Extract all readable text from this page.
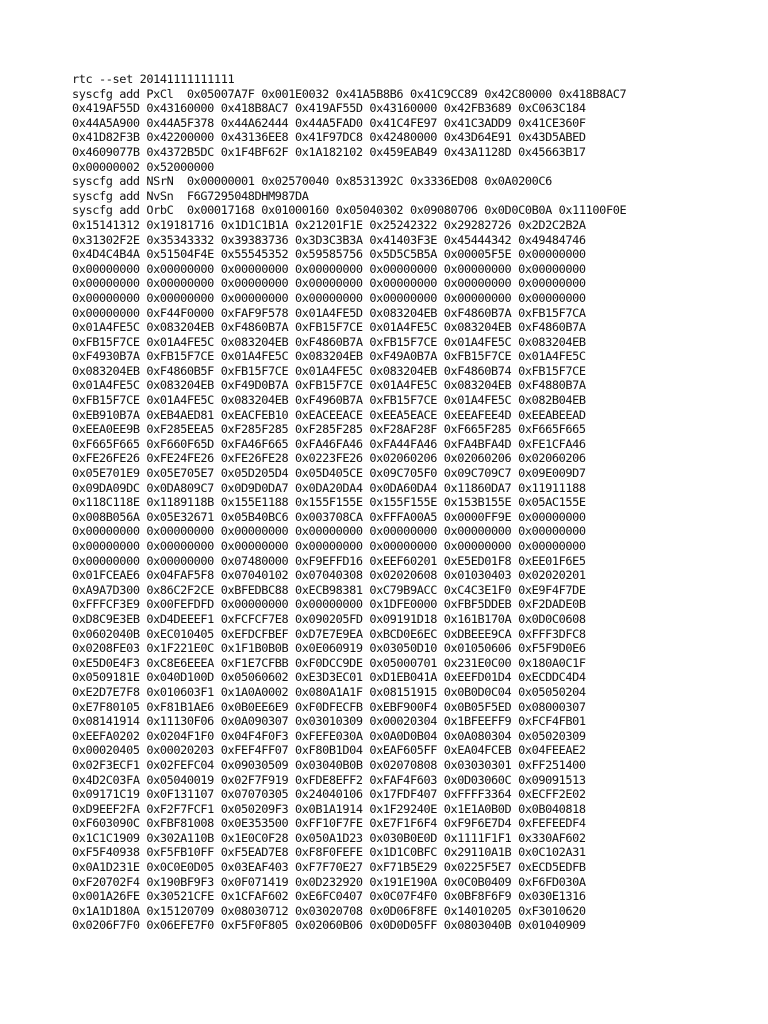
rtc --set 20141111111111
syscfg add PxCl  0x05007A7F 0x001E0032 0x41A5B8B6 0x41C9CC89 0x42C80000 0x418B8AC7
0x419AF55D 0x43160000 0x418B8AC7 0x419AF55D 0x43160000 0x42FB3689 0xC063C184
0x44A5A900 0x44A5F378 0x44A62444 0x44A5FAD0 0x41C4FE97 0x41C3ADD9 0x41CE360F
0x41D82F3B 0x42200000 0x43136EE8 0x41F97DC8 0x42480000 0x43D64E91 0x43D5ABED
0x4609077B 0x4372B5DC 0x1F4BF62F 0x1A182102 0x459EAB49 0x43A1128D 0x45663B17
0x00000002 0x52000000
syscfg add NSrN  0x00000001 0x02570040 0x8531392C 0x3336ED08 0x0A0200C6
syscfg add NvSn  F6G7295048DHM987DA
syscfg add OrbC  0x00017168 0x01000160 0x05040302 0x09080706 0x0D0C0B0A 0x11100F0E
0x15141312 0x19181716 0x1D1C1B1A 0x21201F1E 0x25242322 0x29282726 0x2D2C2B2A
0x31302F2E 0x35343332 0x39383736 0x3D3C3B3A 0x41403F3E 0x45444342 0x49484746
0x4D4C4B4A 0x51504F4E 0x55545352 0x59585756 0x5D5C5B5A 0x00005F5E 0x00000000
0x00000000 0x00000000 0x00000000 0x00000000 0x00000000 0x00000000 0x00000000
0x00000000 0x00000000 0x00000000 0x00000000 0x00000000 0x00000000 0x00000000
0x00000000 0x00000000 0x00000000 0x00000000 0x00000000 0x00000000 0x00000000
0x00000000 0xF44F0000 0xFAF9F578 0x01A4FE5D 0x083204EB 0xF4860B7A 0xFB15F7CA
0x01A4FE5C 0x083204EB 0xF4860B7A 0xFB15F7CE 0x01A4FE5C 0x083204EB 0xF4860B7A
0xFB15F7CE 0x01A4FE5C 0x083204EB 0xF4860B7A 0xFB15F7CE 0x01A4FE5C 0x083204EB
0xF4930B7A 0xFB15F7CE 0x01A4FE5C 0x083204EB 0xF49A0B7A 0xFB15F7CE 0x01A4FE5C
0x083204EB 0xF4860B5F 0xFB15F7CE 0x01A4FE5C 0x083204EB 0xF4860B74 0xFB15F7CE
0x01A4FE5C 0x083204EB 0xF49D0B7A 0xFB15F7CE 0x01A4FE5C 0x083204EB 0xF4880B7A
0xFB15F7CE 0x01A4FE5C 0x083204EB 0xF4960B7A 0xFB15F7CE 0x01A4FE5C 0x082B04EB
0xEB910B7A 0xEB4AED81 0xEACFEB10 0xEACEEACE 0xEEA5EACE 0xEEAFEE4D 0xEEABEEAD
0xEEA0EE9B 0xF285EEA5 0xF285F285 0xF285F285 0xF28AF28F 0xF665F285 0xF665F665
0xF665F665 0xF660F65D 0xFA46F665 0xFA46FA46 0xFA44FA46 0xFA4BFA4D 0xFE1CFA46
0xFE26FE26 0xFE24FE26 0xFE26FE28 0x0223FE26 0x02060206 0x02060206 0x02060206
0x05E701E9 0x05E705E7 0x05D205D4 0x05D405CE 0x09C705F0 0x09C709C7 0x09E009D7
0x09DA09DC 0x0DA809C7 0x0D9D0DA7 0x0DA20DA4 0x0DA60DA4 0x11860DA7 0x11911188
0x118C118E 0x1189118B 0x155E1188 0x155F155E 0x155F155E 0x153B155E 0x05AC155E
0x008B056A 0x05E32671 0x05B40BC6 0x003708CA 0xFFFA00A5 0x0000FF9E 0x00000000
0x00000000 0x00000000 0x00000000 0x00000000 0x00000000 0x00000000 0x00000000
0x00000000 0x00000000 0x00000000 0x00000000 0x00000000 0x00000000 0x00000000
0x00000000 0x00000000 0x07480000 0xF9EFFD16 0xEEF60201 0xE5ED01F8 0xEE01F6E5
0x01FCEAE6 0x04FAF5F8 0x07040102 0x07040308 0x02020608 0x01030403 0x02020201
0xA9A7D300 0x86C2F2CE 0xBFEDBC88 0xECB98381 0xC79B9ACC 0xC4C3E1F0 0xE9F4F7DE
0xFFFCF3E9 0x00FEFDFD 0x00000000 0x00000000 0x1DFE0000 0xFBF5DDEB 0xF2DADE0B
0xD8C9E3EB 0xD4DEEEF1 0xFCFCF7E8 0x090205FD 0x09191D18 0x161B170A 0x0D0C0608
0x0602040B 0xEC010405 0xEFDCFBEF 0xD7E7E9EA 0xBCD0E6EC 0xDBEEE9CA 0xFFF3DFC8
0x0208FE03 0x1F221E0C 0x1F1B0B0B 0x0E060919 0x03050D10 0x01050606 0xF5F9D0E6
0xE5D0E4F3 0xC8E6EEEA 0xF1E7CFBB 0xF0DCC9DE 0x05000701 0x231E0C00 0x180A0C1F
0x0509181E 0x040D100D 0x05060602 0xE3D3EC01 0xD1EB041A 0xEEFD01D4 0xECDDC4D4
0xE2D7E7F8 0x010603F1 0x1A0A0002 0x080A1A1F 0x08151915 0x0B0D0C04 0x05050204
0xE7F80105 0xF81B1AE6 0x0B0EE6E9 0xF0DFECFB 0xEBF900F4 0x0B05F5ED 0x08000307
0x08141914 0x11130F06 0x0A090307 0x03010309 0x00020304 0x1BFEEFF9 0xFCF4FB01
0xEEFA0202 0x0204F1F0 0x04F4F0F3 0xFEFE030A 0x0A0D0B04 0x0A080304 0x05020309
0x00020405 0x00020203 0xFEF4FF07 0xF80B1D04 0xEAF605FF 0xEA04FCEB 0x04FEEAE2
0x02F3ECF1 0x02FEFC04 0x09030509 0x03040B0B 0x02070808 0x03030301 0xFF251400
0x4D2C03FA 0x05040019 0x02F7F919 0xFDE8EFF2 0xFAF4F603 0x0D03060C 0x09091513
0x09171C19 0x0F131107 0x07070305 0x24040106 0x17FDF407 0xFFFF3364 0xECFF2E02
0xD9EEF2FA 0xF2F7FCF1 0x050209F3 0x0B1A1914 0x1F29240E 0x1E1A0B0D 0x0B040818
0xF603090C 0xFBF81008 0x0E353500 0xFF10F7FE 0xE7F1F6F4 0xF9F6E7D4 0xFEFEEDF4
0x1C1C1909 0x302A110B 0x1E0C0F28 0x050A1D23 0x030B0E0D 0x1111F1F1 0x330AF602
0xF5F40938 0xF5FB10FF 0xF5EAD7E8 0xF8F0FEFE 0x1D1C0BFC 0x29110A1B 0x0C102A31
0x0A1D231E 0x0C0E0D05 0x03EAF403 0xF7F70E27 0xF71B5E29 0x0225F5E7 0xECD5EDFB
0xF20702F4 0x190BF9F3 0x0F071419 0x0D232920 0x191E190A 0x0C0B0409 0xF6FD030A
0x001A26FE 0x30521CFE 0x1CFAF602 0xE6FC0407 0x0C07F4F0 0x0BF8F6F9 0x030E1316
0x1A1D180A 0x15120709 0x08030712 0x03020708 0x0D06F8FE 0x14010205 0xF3010620
0x0206F7F0 0x06EFE7F0 0xF5F0F805 0x02060B06 0x0D0D05FF 0x0803040B 0x01040909
